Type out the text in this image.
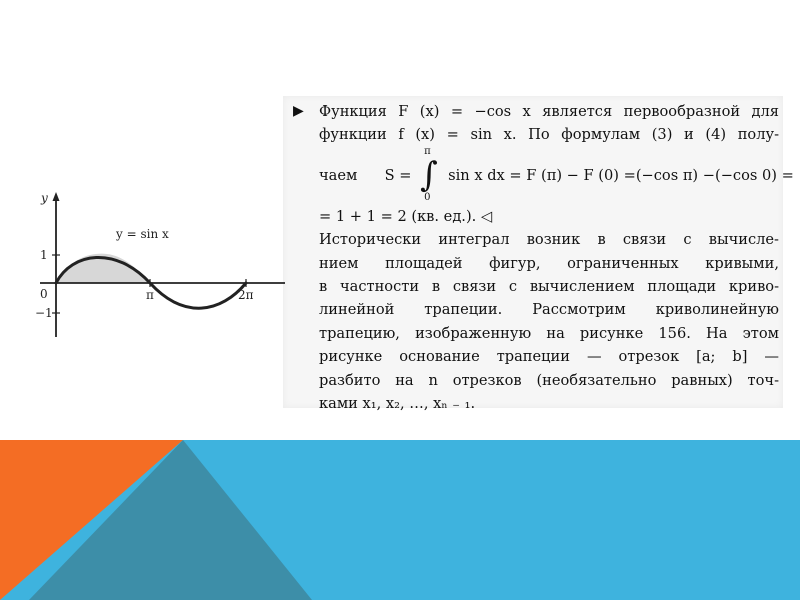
y
y = sin x
1
0
−1
π	2π
▶ Функция F (x) = −cos x является первообразной для
функции f (x) = sin x. По формулам (3) и (4) полу-
чаем S = ∫
π
0
sin x dx = F (π) − F (0) =(−cos π) −(−cos 0) =
= 1 + 1 = 2 (кв. ед.). ◁
Исторически интеграл возник в связи с вычисле-
нием площадей фигур, ограниченных кривыми,
в частности в связи с вычислением площади криво-
линейной трапеции. Рассмотрим криволинейную
трапецию, изображенную на рисунке 156. На этом
рисунке основание трапеции — отрезок [a; b] —
разбито на n отрезков (необязательно равных) точ-
ками x₁, x₂, …, xₙ ₋ ₁.
